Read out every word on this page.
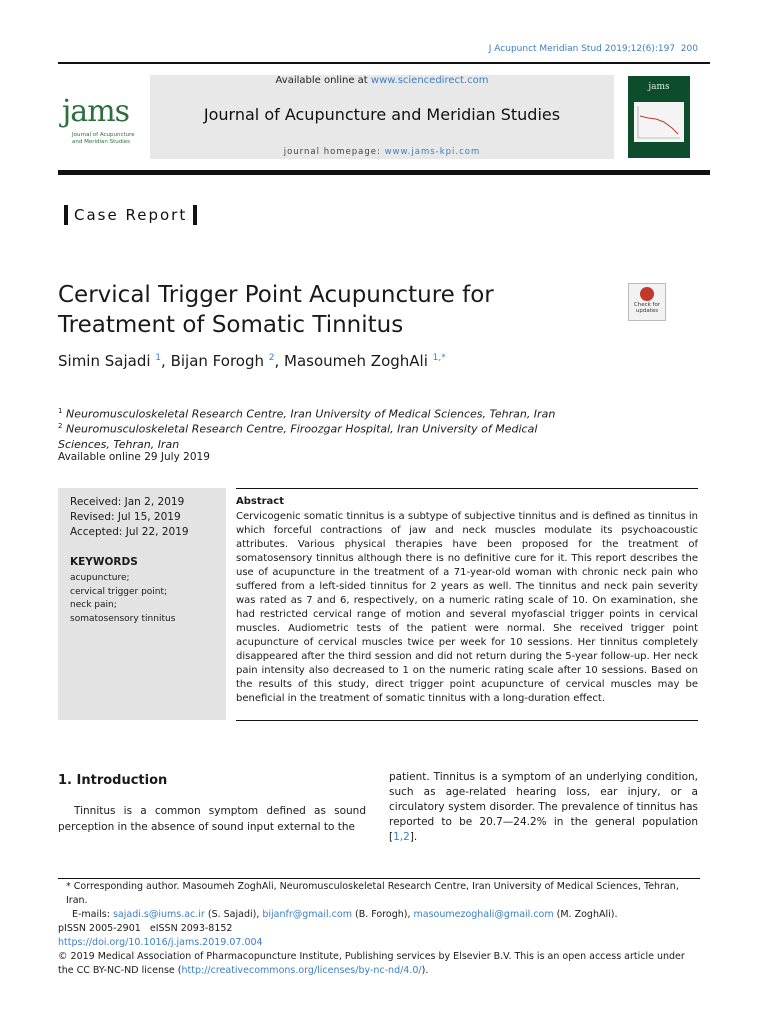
J Acupunct Meridian Stud 2019;12(6):197  200
jams
Journal of Acupuncture and Meridian Studies
Available online at www.sciencedirect.com
Journal of Acupuncture and Meridian Studies
journal homepage: www.jams-kpi.com
jams
Case Report
Cervical Trigger Point Acupuncture for Treatment of Somatic Tinnitus
Check for updates
Simin Sajadi $^1$, Bijan Forogh $^2$, Masoumeh ZoghAli $^{1,*}$
$^1$ Neuromusculoskeletal Research Centre, Iran University of Medical Sciences, Tehran, Iran
$^2$ Neuromusculoskeletal Research Centre, Firoozgar Hospital, Iran University of Medical Sciences, Tehran, Iran
Available online 29 July 2019
Received: Jan 2, 2019
Revised: Jul 15, 2019
Accepted: Jul 22, 2019
KEYWORDS
acupuncture;
cervical trigger point;
neck pain;
somatosensory tinnitus
Abstract
Cervicogenic somatic tinnitus is a subtype of subjective tinnitus and is defined as tinnitus in which forceful contractions of jaw and neck muscles modulate its psychoacoustic attributes. Various physical therapies have been proposed for the treatment of somatosensory tinnitus although there is no definitive cure for it. This report describes the use of acupuncture in the treatment of a 71-year-old woman with chronic neck pain who suffered from a left-sided tinnitus for 2 years as well. The tinnitus and neck pain severity was rated as 7 and 6, respectively, on a numeric rating scale of 10. On examination, she had restricted cervical range of motion and several myofascial trigger points in cervical muscles. Audiometric tests of the patient were normal. She received trigger point acupuncture of cervical muscles twice per week for 10 sessions. Her tinnitus completely disappeared after the third session and did not return during the 5-year follow-up. Her neck pain intensity also decreased to 1 on the numeric rating scale after 10 sessions. Based on the results of this study, direct trigger point acupuncture of cervical muscles may be beneficial in the treatment of somatic tinnitus with a long-duration effect.
1. Introduction
Tinnitus is a common symptom defined as sound perception in the absence of sound input external to the
patient. Tinnitus is a symptom of an underlying condition, such as age-related hearing loss, ear injury, or a circulatory system disorder. The prevalence of tinnitus has reported to be 20.7—24.2% in the general population [1,2].
* Corresponding author. Masoumeh ZoghAli, Neuromusculoskeletal Research Centre, Iran University of Medical Sciences, Tehran, Iran.
E-mails: sajadi.s@iums.ac.ir (S. Sajadi), bijanfr@gmail.com (B. Forogh), masoumezoghali@gmail.com (M. ZoghAli).
pISSN 2005-2901   eISSN 2093-8152
https://doi.org/10.1016/j.jams.2019.07.004
© 2019 Medical Association of Pharmacopuncture Institute, Publishing services by Elsevier B.V. This is an open access article under the CC BY-NC-ND license (http://creativecommons.org/licenses/by-nc-nd/4.0/).
